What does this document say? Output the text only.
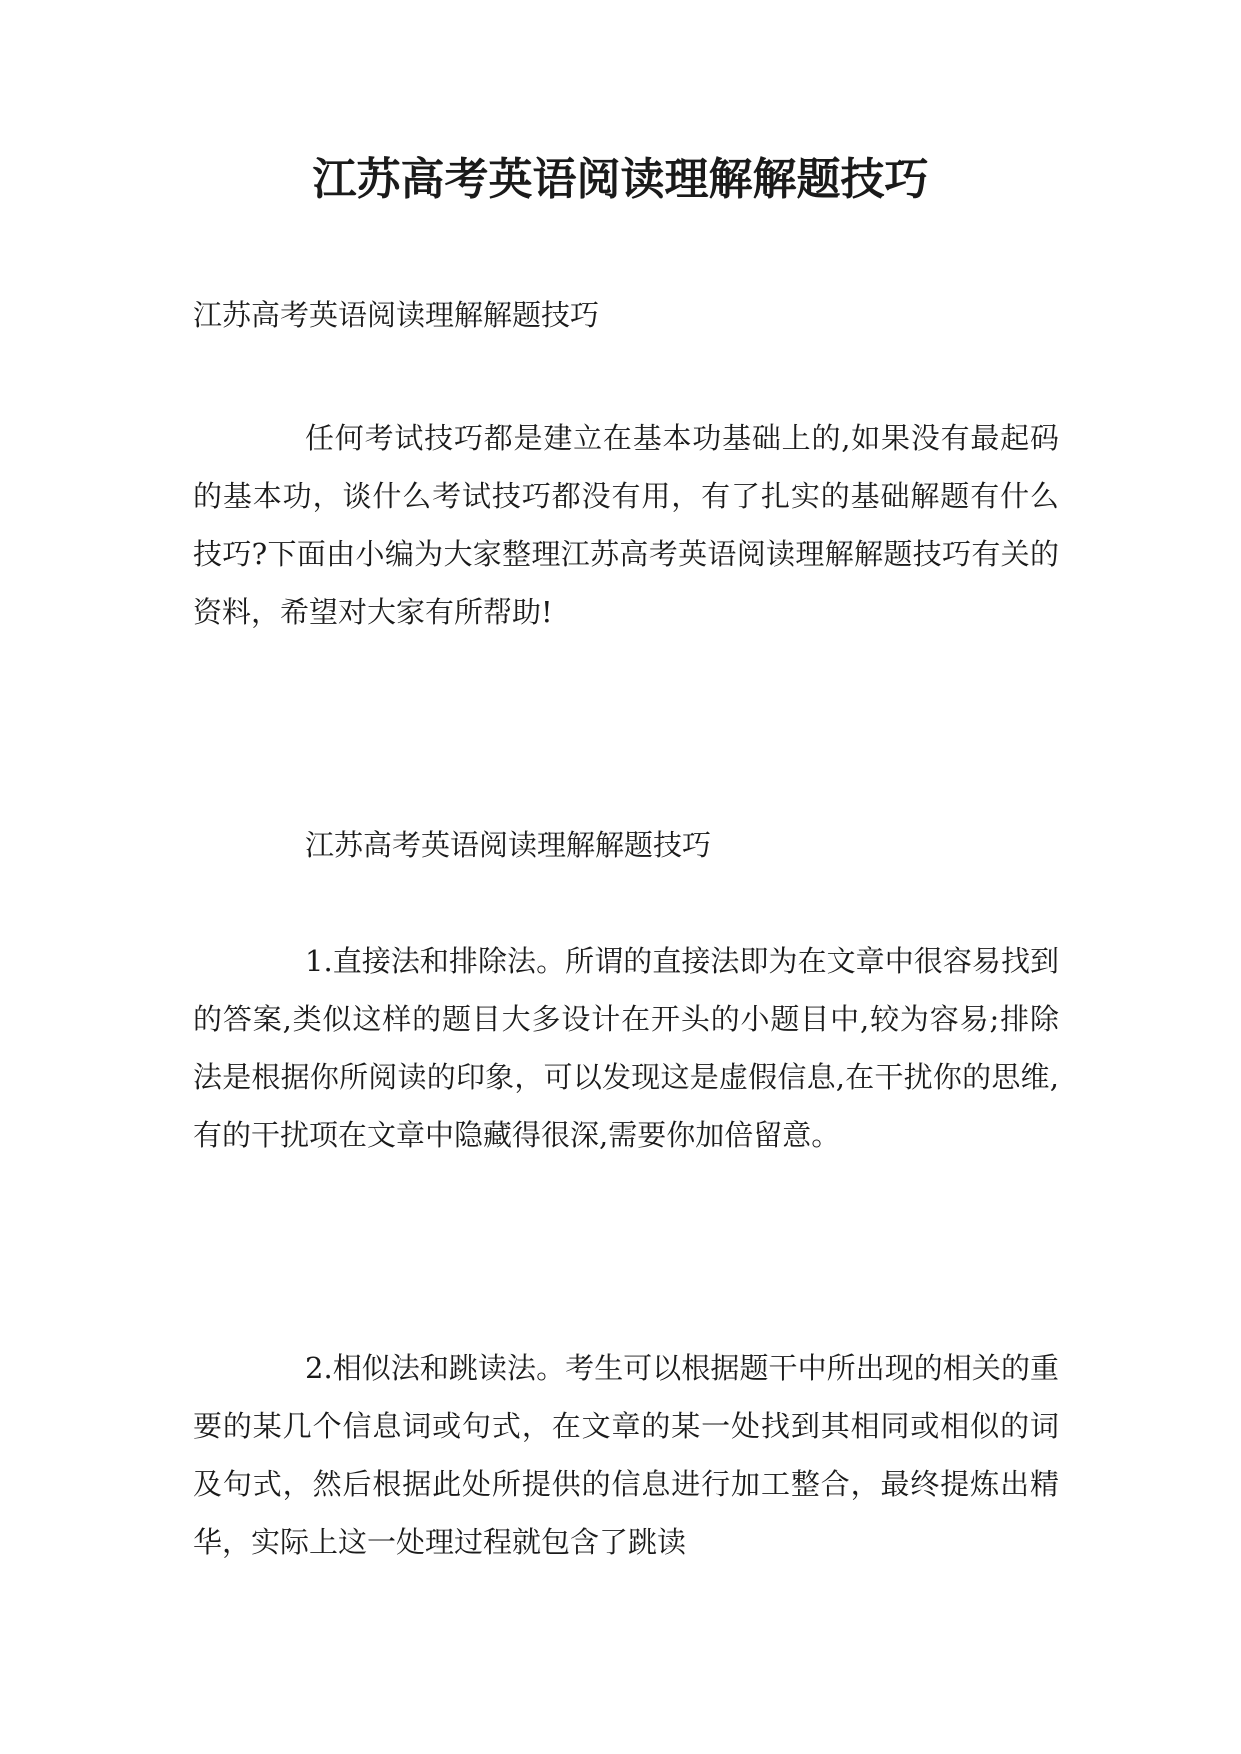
江苏高考英语阅读理解解题技巧
江苏高考英语阅读理解解题技巧

任何考试技巧都是建立在基本功基础上的,如果没有最起码的基本功，谈什么考试技巧都没有用，有了扎实的基础解题有什么技巧?下面由小编为大家整理江苏高考英语阅读理解解题技巧有关的资料，希望对大家有所帮助!

江苏高考英语阅读理解解题技巧

1.直接法和排除法。所谓的直接法即为在文章中很容易找到的答案,类似这样的题目大多设计在开头的小题目中,较为容易;排除法是根据你所阅读的印象，可以发现这是虚假信息,在干扰你的思维,有的干扰项在文章中隐藏得很深,需要你加倍留意。

2.相似法和跳读法。考生可以根据题干中所出现的相关的重要的某几个信息词或句式，在文章的某一处找到其相同或相似的词及句式，然后根据此处所提供的信息进行加工整合，最终提炼出精华，实际上这一处理过程就包含了跳读
